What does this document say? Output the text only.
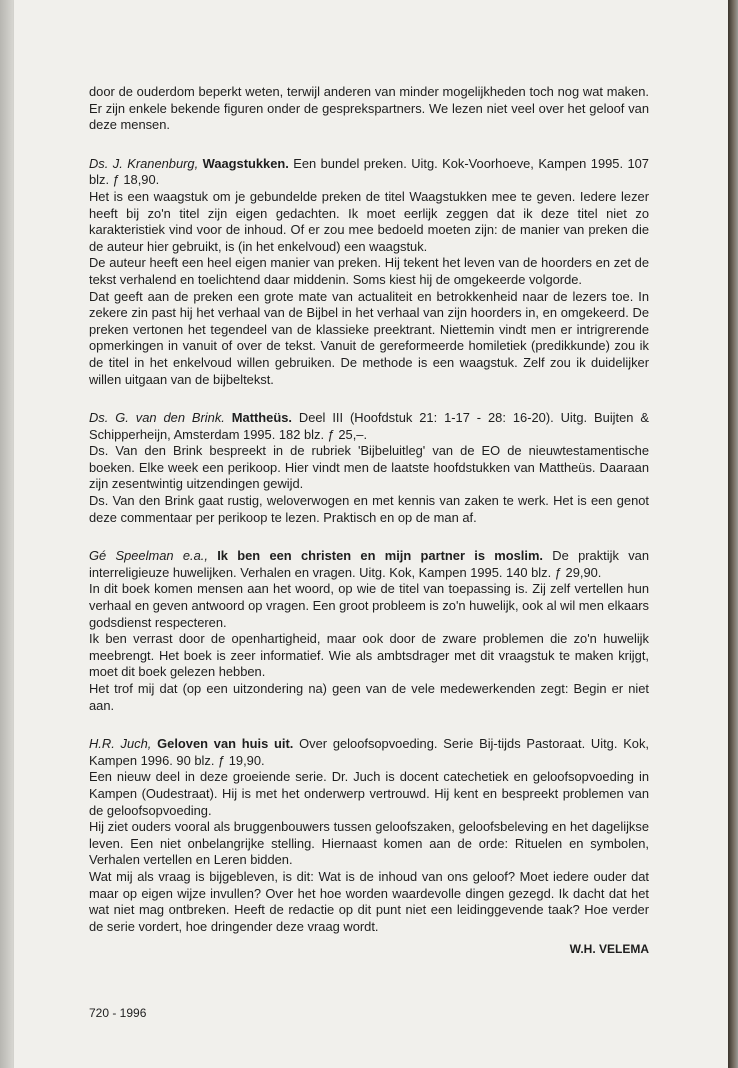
door de ouderdom beperkt weten, terwijl anderen van minder mogelijkheden toch nog wat maken. Er zijn enkele bekende figuren onder de gesprekspartners. We lezen niet veel over het geloof van deze mensen.

Ds. J. Kranenburg, Waagstukken. Een bundel preken. Uitg. Kok-Voorhoeve, Kampen 1995. 107 blz. ƒ 18,90.

Het is een waagstuk om je gebundelde preken de titel Waagstukken mee te geven. Iedere lezer heeft bij zo'n titel zijn eigen gedachten. Ik moet eerlijk zeggen dat ik deze titel niet zo karakteristiek vind voor de inhoud. Of er zou mee bedoeld moeten zijn: de manier van preken die de auteur hier gebruikt, is (in het enkelvoud) een waagstuk.

De auteur heeft een heel eigen manier van preken. Hij tekent het leven van de hoorders en zet de tekst verhalend en toelichtend daar middenin. Soms kiest hij de omgekeerde volgorde.

Dat geeft aan de preken een grote mate van actualiteit en betrokkenheid naar de lezers toe. In zekere zin past hij het verhaal van de Bijbel in het verhaal van zijn hoorders in, en omgekeerd. De preken vertonen het tegendeel van de klassieke preektrant. Niettemin vindt men er intrigrerende opmerkingen in vanuit of over de tekst. Vanuit de gereformeerde homiletiek (predikkunde) zou ik de titel in het enkelvoud willen gebruiken. De methode is een waagstuk. Zelf zou ik duidelijker willen uitgaan van de bijbeltekst.

Ds. G. van den Brink. Mattheüs. Deel III (Hoofdstuk 21: 1-17 - 28: 16-20). Uitg. Buijten & Schipperheijn, Amsterdam 1995. 182 blz. ƒ 25,–.

Ds. Van den Brink bespreekt in de rubriek 'Bijbeluitleg' van de EO de nieuwtestamentische boeken. Elke week een perikoop. Hier vindt men de laatste hoofdstukken van Mattheüs. Daaraan zijn zesentwintig uitzendingen gewijd.

Ds. Van den Brink gaat rustig, weloverwogen en met kennis van zaken te werk. Het is een genot deze commentaar per perikoop te lezen. Praktisch en op de man af.

Gé Speelman e.a., Ik ben een christen en mijn partner is moslim. De praktijk van interreligieuze huwelijken. Verhalen en vragen. Uitg. Kok, Kampen 1995. 140 blz. ƒ 29,90.

In dit boek komen mensen aan het woord, op wie de titel van toepassing is. Zij zelf vertellen hun verhaal en geven antwoord op vragen. Een groot probleem is zo'n huwelijk, ook al wil men elkaars godsdienst respecteren.

Ik ben verrast door de openhartigheid, maar ook door de zware problemen die zo'n huwelijk meebrengt. Het boek is zeer informatief. Wie als ambtsdrager met dit vraagstuk te maken krijgt, moet dit boek gelezen hebben.

Het trof mij dat (op een uitzondering na) geen van de vele medewerkenden zegt: Begin er niet aan.

H.R. Juch, Geloven van huis uit. Over geloofsopvoeding. Serie Bij-tijds Pastoraat. Uitg. Kok, Kampen 1996. 90 blz. ƒ 19,90.

Een nieuw deel in deze groeiende serie. Dr. Juch is docent catechetiek en geloofsopvoeding in Kampen (Oudestraat). Hij is met het onderwerp vertrouwd. Hij kent en bespreekt problemen van de geloofsopvoeding.

Hij ziet ouders vooral als bruggenbouwers tussen geloofszaken, geloofsbeleving en het dagelijkse leven. Een niet onbelangrijke stelling. Hiernaast komen aan de orde: Rituelen en symbolen, Verhalen vertellen en Leren bidden.

Wat mij als vraag is bijgebleven, is dit: Wat is de inhoud van ons geloof? Moet iedere ouder dat maar op eigen wijze invullen? Over het hoe worden waardevolle dingen gezegd. Ik dacht dat het wat niet mag ontbreken. Heeft de redactie op dit punt niet een leidinggevende taak? Hoe verder de serie vordert, hoe dringender deze vraag wordt.

W.H. VELEMA
720 - 1996
